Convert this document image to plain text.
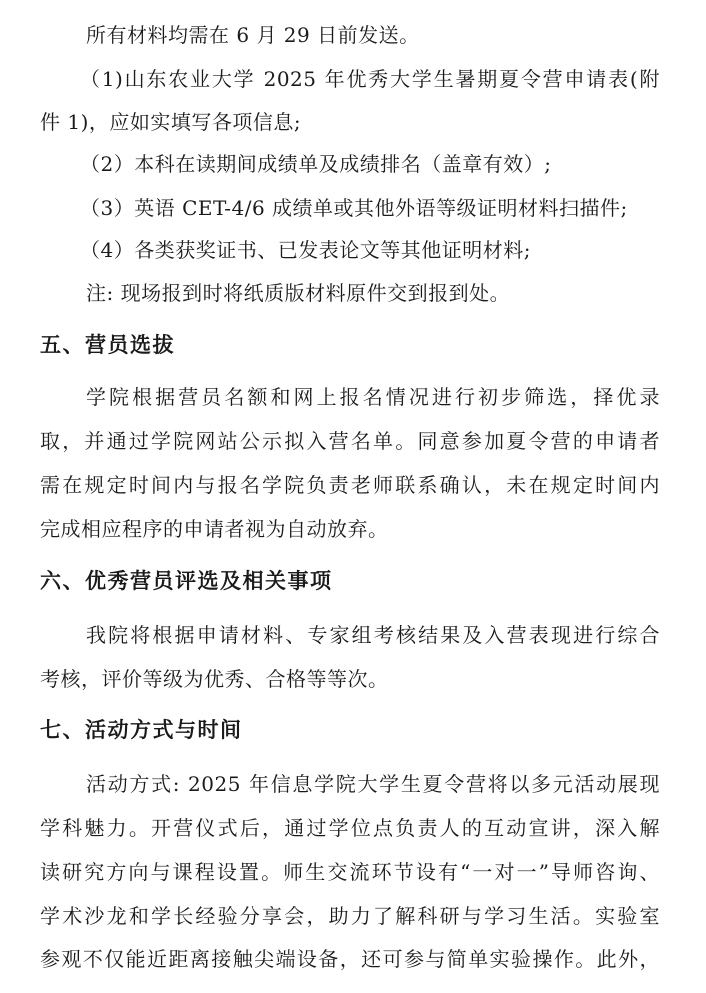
所有材料均需在 6 月 29 日前发送。
（1)山东农业大学 2025 年优秀大学生暑期夏令营申请表(附
件 1)，应如实填写各项信息;
（2）本科在读期间成绩单及成绩排名（盖章有效）;
（3）英语 CET-4/6 成绩单或其他外语等级证明材料扫描件;
（4）各类获奖证书、已发表论文等其他证明材料;
注: 现场报到时将纸质版材料原件交到报到处。
五、营员选拔
学院根据营员名额和网上报名情况进行初步筛选，择优录
取，并通过学院网站公示拟入营名单。同意参加夏令营的申请者
需在规定时间内与报名学院负责老师联系确认，未在规定时间内
完成相应程序的申请者视为自动放弃。
六、优秀营员评选及相关事项
我院将根据申请材料、专家组考核结果及入营表现进行综合
考核，评价等级为优秀、合格等等次。
七、活动方式与时间
活动方式: 2025 年信息学院大学生夏令营将以多元活动展现
学科魅力。开营仪式后，通过学位点负责人的互动宣讲，深入解
读研究方向与课程设置。师生交流环节设有“一对一”导师咨询、
学术沙龙和学长经验分享会，助力了解科研与学习生活。实验室
参观不仅能近距离接触尖端设备，还可参与简单实验操作。此外，
